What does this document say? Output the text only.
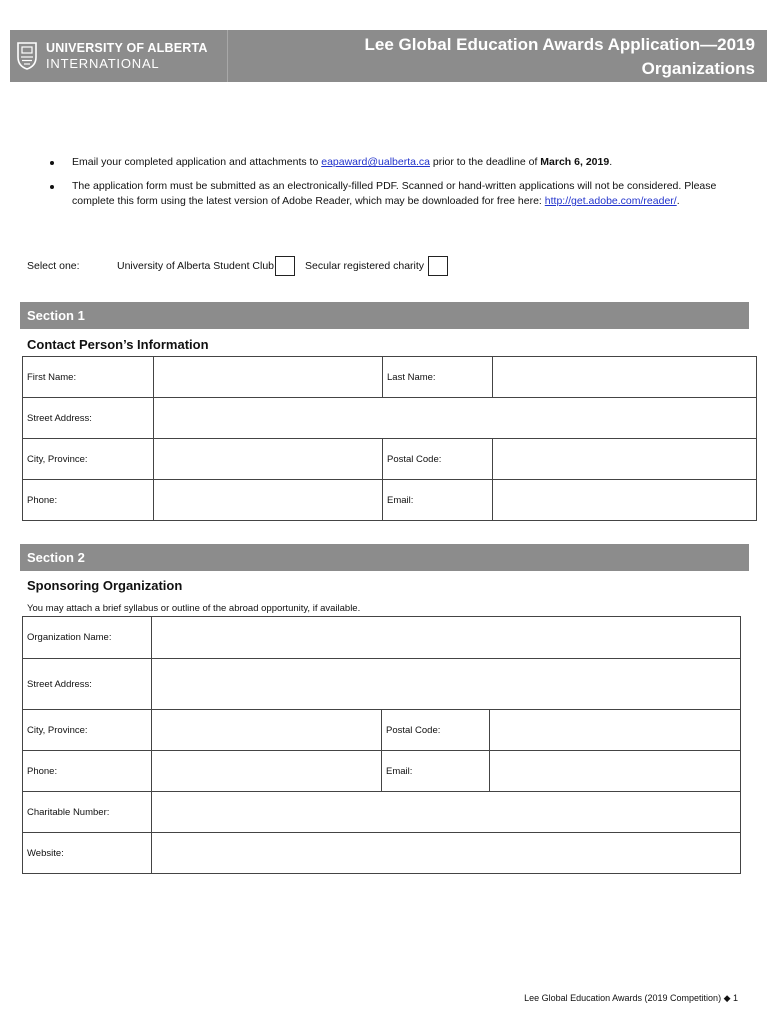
UNIVERSITY OF ALBERTA
INTERNATIONAL
Lee Global Education Awards Application—2019
Organizations
Email your completed application and attachments to eapaward@ualberta.ca prior to the deadline of March 6, 2019.
The application form must be submitted as an electronically-filled PDF. Scanned or hand-written applications will not be considered. Please complete this form using the latest version of Adobe Reader, which may be downloaded for free here: http://get.adobe.com/reader/.
Select one:	University of Alberta Student Club	Secular registered charity
Section 1
Contact Person’s Information
First Name:		Last Name:	
Street Address:			
City, Province:		Postal Code:	
Phone:		Email:	
Section 2
Sponsoring Organization
You may attach a brief syllabus or outline of the abroad opportunity, if available.
Organization Name:			
Street Address:			
City, Province:		Postal Code:	
Phone:		Email:	
Charitable Number:			
Website:			
Lee Global Education Awards (2019 Competition) ◆ 1
